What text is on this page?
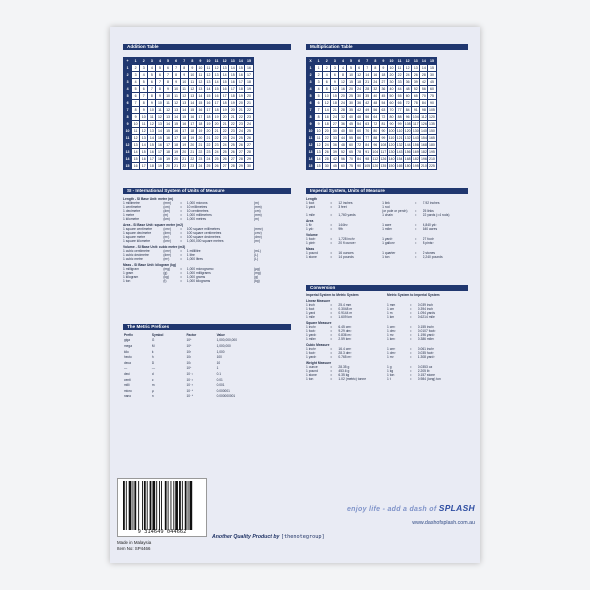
Addition Table
+	1	2	3	4	5	6	7	8	9	10	11	12	13	14	15
1	2	3	4	5	6	7	8	9	10	11	12	13	14	15	16
2	3	4	5	6	7	8	9	10	11	12	13	14	15	16	17
3	4	5	6	7	8	9	10	11	12	13	14	15	16	17	18
4	5	6	7	8	9	10	11	12	13	14	15	16	17	18	19
5	6	7	8	9	10	11	12	13	14	15	16	17	18	19	20
6	7	8	9	10	11	12	13	14	15	16	17	18	19	20	21
7	8	9	10	11	12	13	14	15	16	17	18	19	20	21	22
8	9	10	11	12	13	14	15	16	17	18	19	20	21	22	23
9	10	11	12	13	14	15	16	17	18	19	20	21	22	23	24
10	11	12	13	14	15	16	17	18	19	20	21	22	23	24	25
11	12	13	14	15	16	17	18	19	20	21	22	23	24	25	26
12	13	14	15	16	17	18	19	20	21	22	23	24	25	26	27
13	14	15	16	17	18	19	20	21	22	23	24	25	26	27	28
14	15	16	17	18	19	20	21	22	23	24	25	26	27	28	29
15	16	17	18	19	20	21	22	23	24	25	26	27	28	29	30
Multiplication Table
X	1	2	3	4	5	6	7	8	9	10	11	12	13	14	15
1	1	2	3	4	5	6	7	8	9	10	11	12	13	14	15
2	2	4	6	8	10	12	14	16	18	20	22	24	26	28	30
3	3	6	9	12	15	18	21	24	27	30	33	36	39	42	45
4	4	8	12	16	20	24	28	32	36	40	44	48	52	56	60
5	5	10	15	20	25	30	35	40	45	50	55	60	65	70	75
6	6	12	18	24	30	36	42	48	54	60	66	72	78	84	90
7	7	14	21	28	35	42	49	56	63	70	77	84	91	98	105
8	8	16	24	32	40	48	56	64	72	80	88	96	104	112	120
9	9	18	27	36	45	54	63	72	81	90	99	108	117	126	135
10	10	20	30	40	50	60	70	80	90	100	110	120	130	140	150
11	11	22	33	44	55	66	77	88	99	110	121	132	143	154	165
12	12	24	36	48	60	72	84	96	108	120	132	144	156	168	180
13	13	26	39	52	65	78	91	104	117	130	143	156	169	182	195
14	14	28	42	56	70	84	98	112	126	140	154	168	182	196	210
15	15	30	45	60	75	90	105	120	135	150	165	180	195	210	225
SI - International System of Units of Measure
Length - SI Base Unit: metre (m)
1 millimetre	(mm)	=	1,000 microns	(m)
1 centimetre	(cm)	=	10 millimetres	(mm)
1 decimetre	(dm)	=	10 centimetres	(cm)
1 metre	(m)	=	1,000 millimetres	(mm)
1 kilometre	(km)	=	1,000 metres	(m)
Area - SI Base Unit: square metre (m2)
1 square centimetre	(cm²)	=	100 square millimetres	(mm²)
1 square decimetre	(dm²)	=	100 square centimetres	(cm²)
1 square metre	(m²)	=	100 square decimetres	(dm²)
1 square kilometre	(km²)	=	1,000,000 square metres	(m²)
Volume - SI Base Unit: cubic metre (m3)
1 cubic centimetre	(cm³)	=	1 millilitre	(mL)
1 cubic decimetre	(dm³)	=	1 litre	(L)
1 cubic metre	(m³)	=	1,000 litres	(L)
Mass - SI Base Unit: kilogram (kg)
1 milligram	(mg)	=	1,000 microgramo	(µg)
1 gram	(g)	=	1,000 milligrams	(mg)
1 kilogram	(kg)	=	1,000 grams	(g)
1 ton	(t)	=	1,000 kilograms	(kg)
The Metric Prefixes
Prefix	Symbol	Factor	Value
giga	G	10⁹	1,000,000,000
mega	M	10⁶	1,000,000
kilo	k	10³	1,000
hecto	h	10²	100
deca	D	10¹	10
—	—	10⁰	1
deci	d	10⁻¹	0.1
centi	c	10⁻²	0.01
milli	m	10⁻³	0.001
micro	µ	10⁻⁶	0.000001
nano	n	10⁻⁹	0.000000001
Imperial System, Units of Measure
Length
1 foot	=	12 inches	1 link	=	7.92 inches
1 yard	=	3 feet	1 rod
(or pole or perch)	=	25 links
1 mile	=	1,760 yards	1 chain	=	22 yards (=4 rods)
Area
1 ft²	=	144in²	1 acre	=	4,840 yd²
1 yd²	=	9ft²	1 mile²	=	640 acres
Volume
1 foot³	=	1,728 inch³	1 yard³	=	27 foot³
1 pint³	=	20 fl ounce³	1 gallon³	=	8 pints³
Mass
1 pound	=	16 ounces	1 quarter	=	2 stones
1 stone	=	14 pounds	1 ton	=	2,240 pounds
Conversion
Imperial System to Metric System	Metric System to Imperial System
Linear Measure
1 inch	=	25.4 mm	1 mm	=	0.039 inch
1 foot	=	0.3048 m	1 cm	=	0.394 inch
1 yard	=	0.9144 m	1 m	=	1.094 yards
1 mile	=	1.609 km	1 km	=	0.6214 mile
Square Measure
1 inch²	=	6.45 cm²	1 cm²	=	0.155 inch²
1 foot²	=	9.29 dm²	1 dm²	=	0.0107 foot²
1 yard²	=	0.836 m²	1 m²	=	1.196 yard²
1 mile²	=	2.59 km²	1 km²	=	0.386 mile²
Cubic Measure
1 inch³	=	16.4 cm³	1 cm³	=	0.061 inch³
1 foot³	=	28.3 dm³	1 dm³	=	0.035 foot³
1 yard³	=	0.765 m³	1 m³	=	1.308 yard³
Weight Measure
1 ounce	=	28.35 g	1 g	=	0.0353 oz
1 pound	=	453.6 g	1 kg	=	2.205 lb
1 stone	=	6.35 kg	1 ton	=	0.157 stone
1 ton	=	1.02 (metric) tonne	1 t	=	0.984 (long) ton
9 314649 044662
Made in Malaysia
Item No: SP4466
enjoy life - add a dash of SPLASH
www.dashofsplash.com.au
Another Quality Product by [thenotegroup]
